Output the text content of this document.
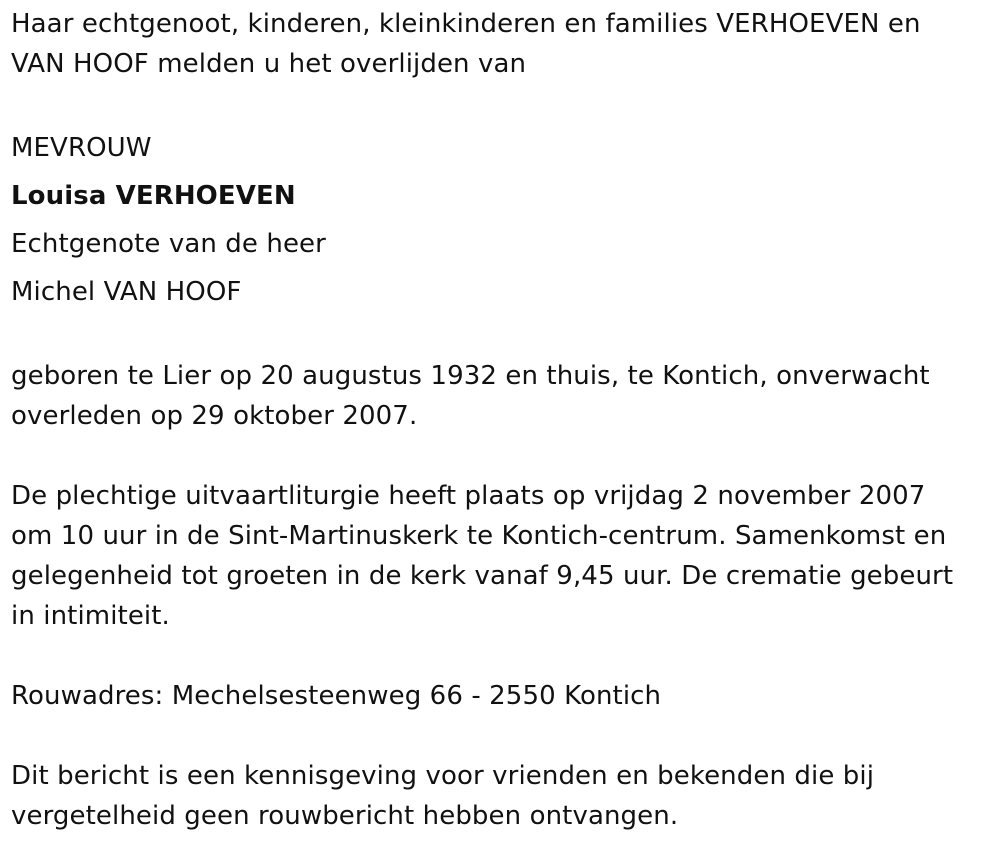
Haar echtgenoot, kinderen, kleinkinderen en families VERHOEVEN en
VAN HOOF melden u het overlijden van

MEVROUW
Louisa VERHOEVEN
Echtgenote van de heer
Michel VAN HOOF

geboren te Lier op 20 augustus 1932 en thuis, te Kontich, onverwacht
overleden op 29 oktober 2007.

De plechtige uitvaartliturgie heeft plaats op vrijdag 2 november 2007
om 10 uur in de Sint-Martinuskerk te Kontich-centrum. Samenkomst en
gelegenheid tot groeten in de kerk vanaf 9,45 uur. De crematie gebeurt
in intimiteit.

Rouwadres: Mechelsesteenweg 66 - 2550 Kontich

Dit bericht is een kennisgeving voor vrienden en bekenden die bij
vergetelheid geen rouwbericht hebben ontvangen.
